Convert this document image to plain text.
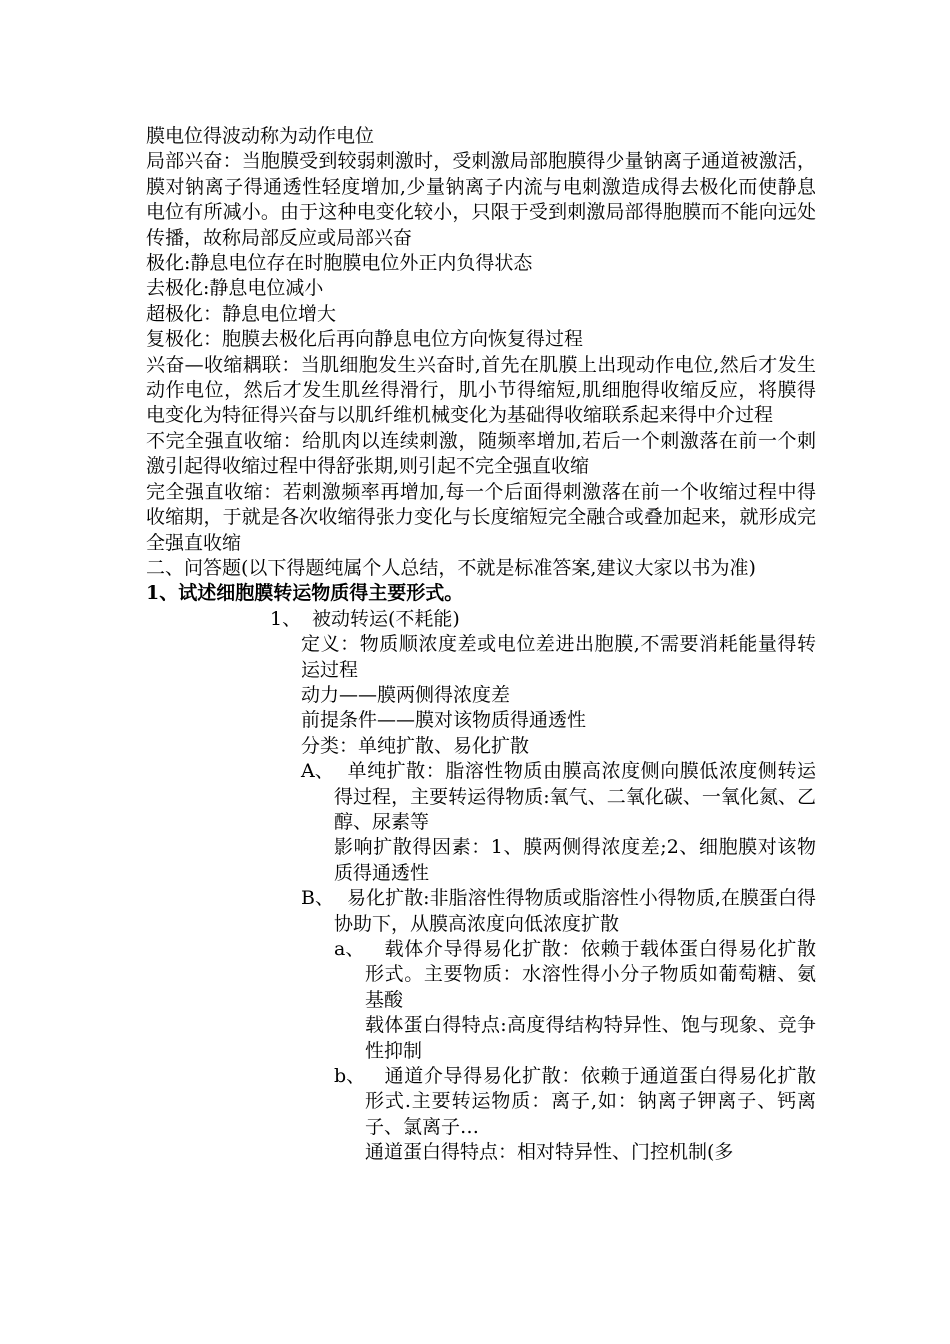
膜电位得波动称为动作电位

局部兴奋：当胞膜受到较弱刺激时，受刺激局部胞膜得少量钠离子通道被激活，膜对钠离子得通透性轻度增加,少量钠离子内流与电刺激造成得去极化而使静息电位有所减小。由于这种电变化较小，只限于受到刺激局部得胞膜而不能向远处传播，故称局部反应或局部兴奋

极化:静息电位存在时胞膜电位外正内负得状态

去极化:静息电位减小

超极化：静息电位增大

复极化：胞膜去极化后再向静息电位方向恢复得过程

兴奋—收缩耦联：当肌细胞发生兴奋时,首先在肌膜上出现动作电位,然后才发生动作电位，然后才发生肌丝得滑行，肌小节得缩短,肌细胞得收缩反应，将膜得电变化为特征得兴奋与以肌纤维机械变化为基础得收缩联系起来得中介过程

不完全强直收缩：给肌肉以连续刺激，随频率增加,若后一个刺激落在前一个刺激引起得收缩过程中得舒张期,则引起不完全强直收缩

完全强直收缩：若刺激频率再增加,每一个后面得刺激落在前一个收缩过程中得收缩期，于就是各次收缩得张力变化与长度缩短完全融合或叠加起来，就形成完全强直收缩

二、问答题(以下得题纯属个人总结，不就是标准答案,建议大家以书为准)

1、试述细胞膜转运物质得主要形式。

1、 被动转运(不耗能)

定义：物质顺浓度差或电位差进出胞膜,不需要消耗能量得转运过程

动力——膜两侧得浓度差

前提条件——膜对该物质得通透性

分类：单纯扩散、易化扩散

A、 单纯扩散：脂溶性物质由膜高浓度侧向膜低浓度侧转运得过程，主要转运得物质:氧气、二氧化碳、一氧化氮、乙醇、尿素等

影响扩散得因素：1、膜两侧得浓度差;2、细胞膜对该物质得通透性

B、 易化扩散:非脂溶性得物质或脂溶性小得物质,在膜蛋白得协助下，从膜高浓度向低浓度扩散

a、	载体介导得易化扩散：依赖于载体蛋白得易化扩散形式。主要物质：水溶性得小分子物质如葡萄糖、氨基酸

载体蛋白得特点:高度得结构特异性、饱与现象、竞争性抑制

b、 通道介导得易化扩散：依赖于通道蛋白得易化扩散形式.主要转运物质：离子,如：钠离子钾离子、钙离子、氯离子…

通道蛋白得特点：相对特异性、门控机制(多
